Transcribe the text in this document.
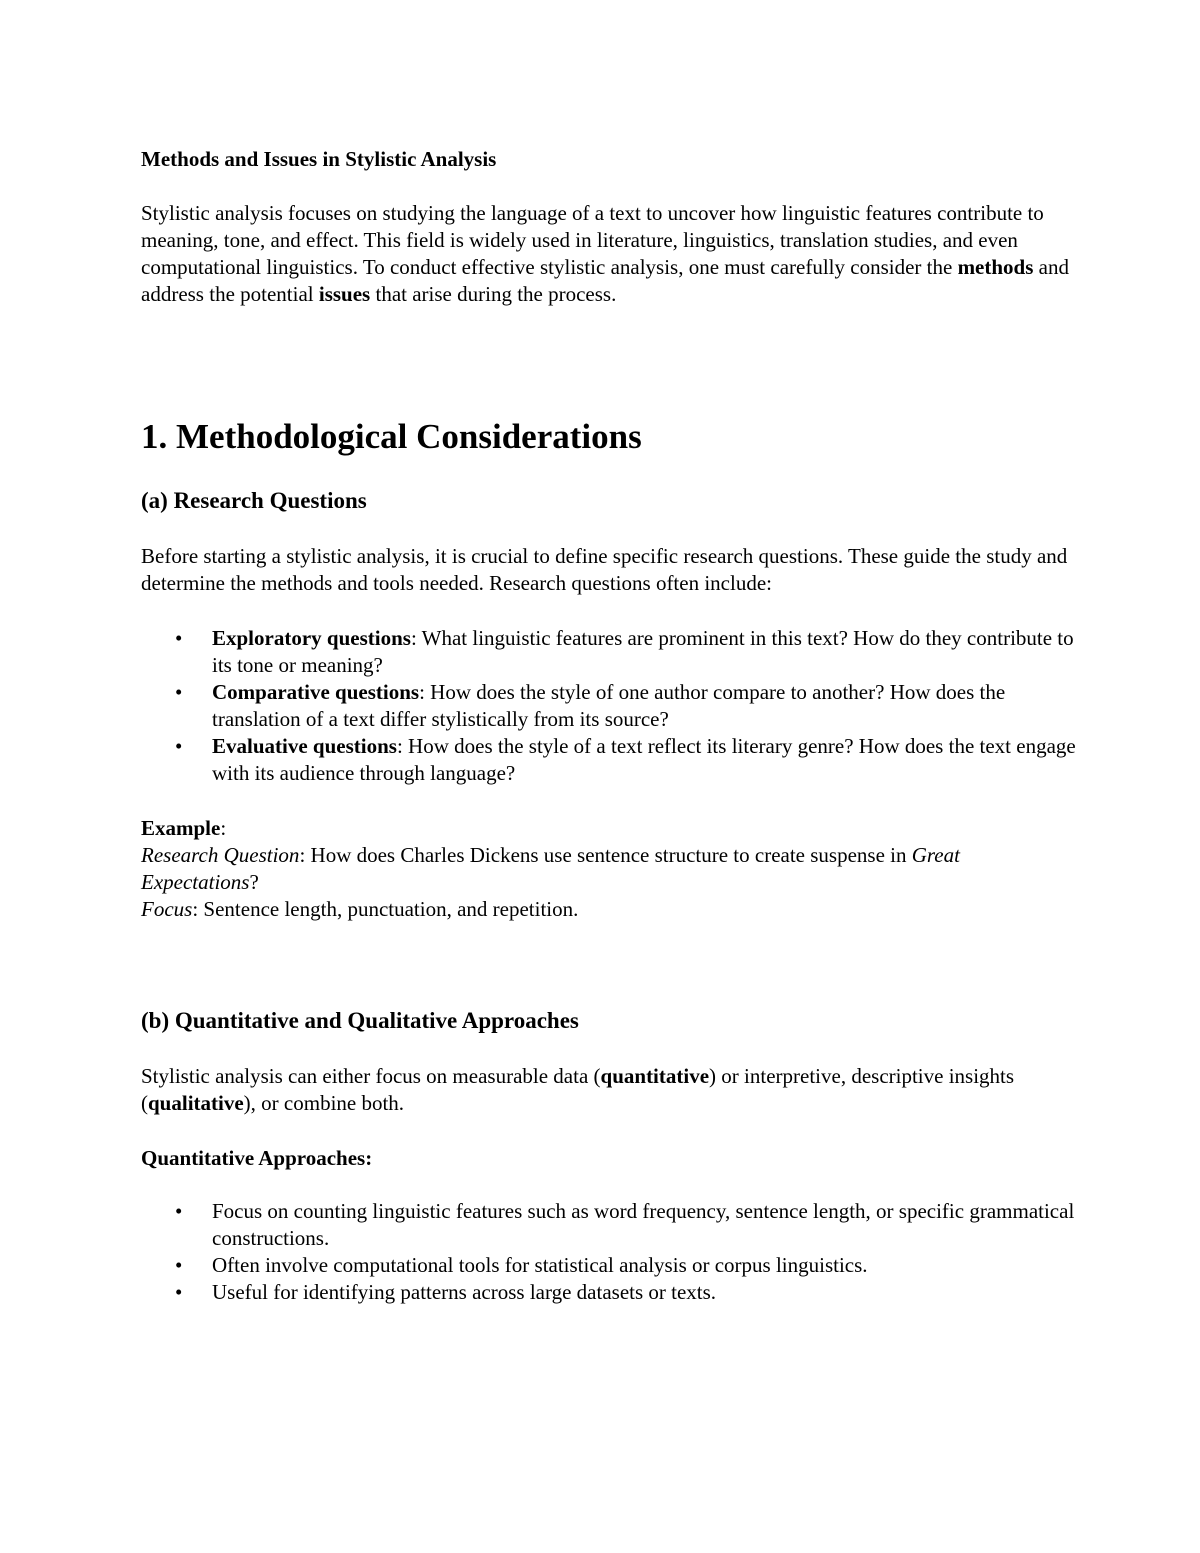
Methods and Issues in Stylistic Analysis

Stylistic analysis focuses on studying the language of a text to uncover how linguistic features contribute to meaning, tone, and effect. This field is widely used in literature, linguistics, translation studies, and even computational linguistics. To conduct effective stylistic analysis, one must carefully consider the methods and address the potential issues that arise during the process.

1. Methodological Considerations
(a) Research Questions

Before starting a stylistic analysis, it is crucial to define specific research questions. These guide the study and determine the methods and tools needed. Research questions often include:

• Exploratory questions: What linguistic features are prominent in this text? How do they contribute to its tone or meaning?
• Comparative questions: How does the style of one author compare to another? How does the translation of a text differ stylistically from its source?
• Evaluative questions: How does the style of a text reflect its literary genre? How does the text engage with its audience through language?
Example:
Research Question: How does Charles Dickens use sentence structure to create suspense in Great Expectations?
Focus: Sentence length, punctuation, and repetition.
(b) Quantitative and Qualitative Approaches

Stylistic analysis can either focus on measurable data (quantitative) or interpretive, descriptive insights (qualitative), or combine both.

Quantitative Approaches:

• Focus on counting linguistic features such as word frequency, sentence length, or specific grammatical constructions.
• Often involve computational tools for statistical analysis or corpus linguistics.
• Useful for identifying patterns across large datasets or texts.
